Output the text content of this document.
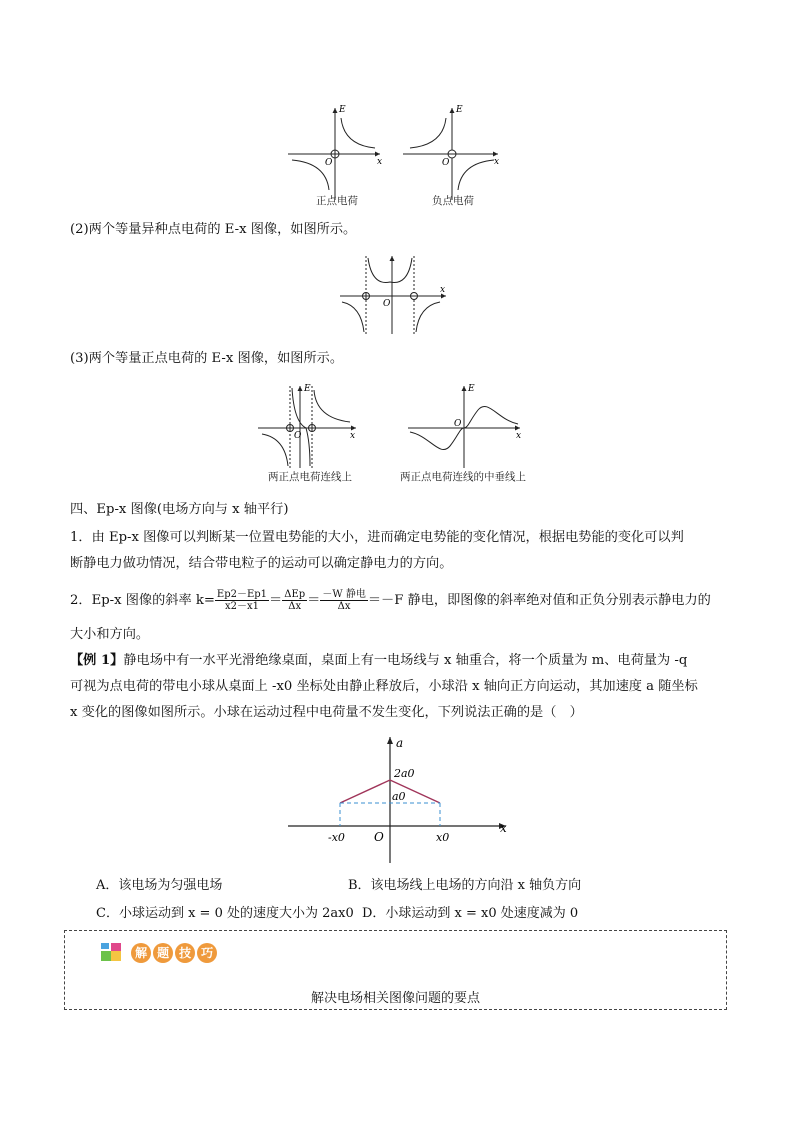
E
x
O
正点电荷
E
x
O
负点电荷
(2)两个等量异种点电荷的 E-x 图像，如图所示。
x
O
(3)两个等量正点电荷的 E-x 图像，如图所示。
E
x
O
两正点电荷连线上
E
x
O
两正点电荷连线的中垂线上
四、Ep-x 图像(电场方向与 x 轴平行)
1．由 Ep-x 图像可以判断某一位置电势能的大小，进而确定电势能的变化情况，根据电势能的变化可以判
断静电力做功情况，结合带电粒子的运动可以确定静电力的方向。
2．Ep-x 图像的斜率 $k= \frac{Ep2-Ep1}{x2-x1} = \frac{\text{ΔEp}}{\Delta x} = \frac{\text{－W 静电}}{\Delta x} =-F$ 静电，即图像的斜率绝对值和正负分别表示静电力的
大小和方向。
【例 1】静电场中有一水平光滑绝缘桌面，桌面上有一电场线与 x 轴重合，将一个质量为 m、电荷量为 -q
可视为点电荷的带电小球从桌面上 -x0 坐标处由静止释放后，小球沿 x 轴向正方向运动，其加速度 a 随坐标
x 变化的图像如图所示。小球在运动过程中电荷量不发生变化，下列说法正确的是（　）
a
x
O
2a0
a0
-x0	x0
A．该电场为匀强电场	B．该电场线上电场的方向沿 x 轴负方向
C．小球运动到 x = 0 处的速度大小为 2ax0 D．小球运动到 x = x0 处速度减为 0
解 题 技 巧
解决电场相关图像问题的要点
